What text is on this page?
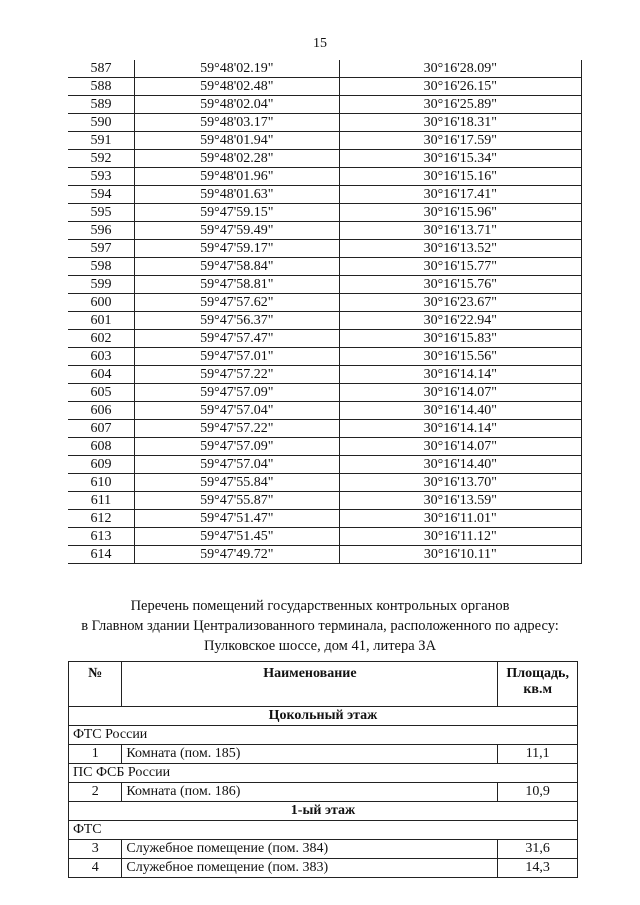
15
587	59°48'02.19"	30°16'28.09"
588	59°48'02.48"	30°16'26.15"
589	59°48'02.04"	30°16'25.89"
590	59°48'03.17"	30°16'18.31"
591	59°48'01.94"	30°16'17.59"
592	59°48'02.28"	30°16'15.34"
593	59°48'01.96"	30°16'15.16"
594	59°48'01.63"	30°16'17.41"
595	59°47'59.15"	30°16'15.96"
596	59°47'59.49"	30°16'13.71"
597	59°47'59.17"	30°16'13.52"
598	59°47'58.84"	30°16'15.77"
599	59°47'58.81"	30°16'15.76"
600	59°47'57.62"	30°16'23.67"
601	59°47'56.37"	30°16'22.94"
602	59°47'57.47"	30°16'15.83"
603	59°47'57.01"	30°16'15.56"
604	59°47'57.22"	30°16'14.14"
605	59°47'57.09"	30°16'14.07"
606	59°47'57.04"	30°16'14.40"
607	59°47'57.22"	30°16'14.14"
608	59°47'57.09"	30°16'14.07"
609	59°47'57.04"	30°16'14.40"
610	59°47'55.84"	30°16'13.70"
611	59°47'55.87"	30°16'13.59"
612	59°47'51.47"	30°16'11.01"
613	59°47'51.45"	30°16'11.12"
614	59°47'49.72"	30°16'10.11"
Перечень помещений государственных контрольных органов
в Главном здании Централизованного терминала, расположенного по адресу:
Пулковское шоссе, дом 41, литера ЗА
№	Наименование	Площадь, кв.м
Цокольный этаж		
ФТС России		
1	Комната (пом. 185)	11,1
ПС ФСБ России		
2	Комната (пом. 186)	10,9
1-ый этаж		
ФТС		
3	Служебное помещение (пом. 384)	31,6
4	Служебное помещение (пом. 383)	14,3
